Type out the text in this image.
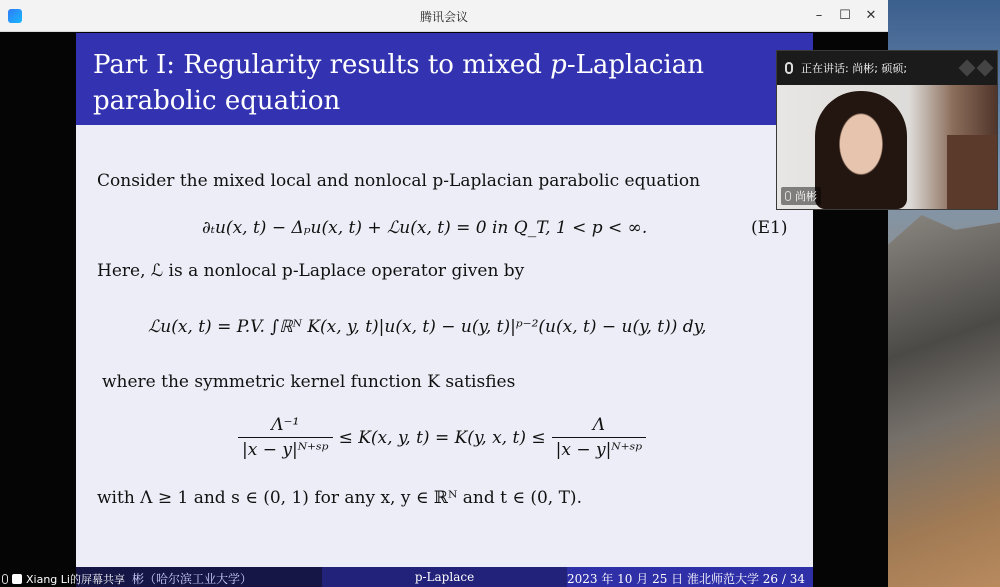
腾讯会议	–	☐	✕
Part I: Regularity results to mixed p-Laplacian
parabolic equation
Consider the mixed local and nonlocal p-Laplacian parabolic equation
∂ₜu(x, t) − Δₚu(x, t) + ℒu(x, t) = 0 in Q_T, 1 < p < ∞.	(E1)
Here, ℒ is a nonlocal p-Laplace operator given by
ℒu(x, t) = P.V. ∫ℝᴺ K(x, y, t)|u(x, t) − u(y, t)|ᵖ⁻²(u(x, t) − u(y, t)) dy,
where the symmetric kernel function K satisfies
$\frac{\text{Λ⁻¹}}{\text{|x − y|ᴺ⁺ˢᵖ}} \le K(x$, y, t) = K(y, x, $t) \le \frac{\Lambda}{\text{|x − y|ᴺ⁺ˢᵖ}}$
with Λ ≥ 1 and s ∈ (0, 1) for any x, y ∈ ℝᴺ and t ∈ (0, T).
彬（哈尔滨工业大学）	p-Laplace	2023 年 10 月 25 日 淮北师范大学 26 / 34
Xiang Li的屏幕共享
正在讲话: 尚彬; 硕硕;
尚彬
